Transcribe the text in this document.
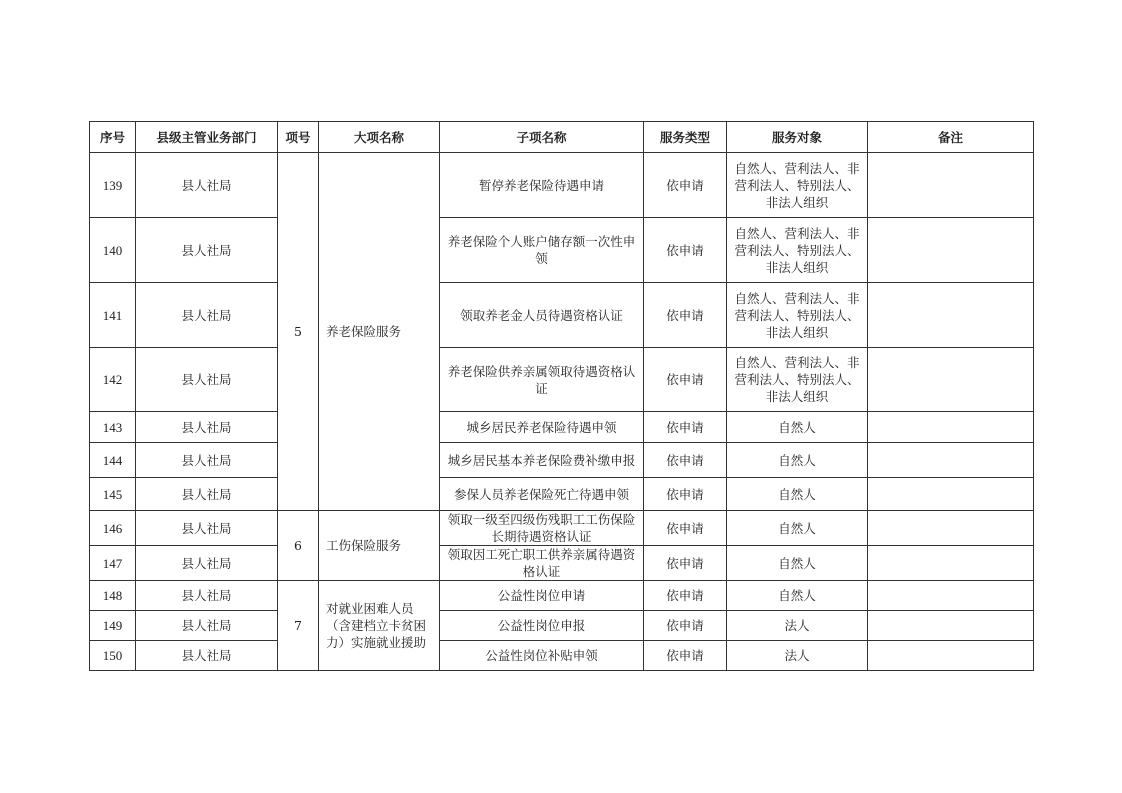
序号	县级主管业务部门	项号	大项名称	子项名称	服务类型	服务对象	备注
139	县人社局	5	养老保险服务	暂停养老保险待遇申请	依申请	自然人、营利法人、非营利法人、特别法人、非法人组织	
140	县人社局			养老保险个人账户储存额一次性申领	依申请	自然人、营利法人、非营利法人、特别法人、非法人组织	
141	县人社局			领取养老金人员待遇资格认证	依申请	自然人、营利法人、非营利法人、特别法人、非法人组织	
142	县人社局			养老保险供养亲属领取待遇资格认证	依申请	自然人、营利法人、非营利法人、特别法人、非法人组织	
143	县人社局			城乡居民养老保险待遇申领	依申请	自然人	
144	县人社局			城乡居民基本养老保险费补缴申报	依申请	自然人	
145	县人社局			参保人员养老保险死亡待遇申领	依申请	自然人	
146	县人社局	6	工伤保险服务	领取一级至四级伤残职工工伤保险长期待遇资格认证	依申请	自然人	
147	县人社局			领取因工死亡职工供养亲属待遇资格认证	依申请	自然人	
148	县人社局	7	对就业困难人员（含建档立卡贫困力）实施就业援助	公益性岗位申请	依申请	自然人	
149	县人社局			公益性岗位申报	依申请	法人	
150	县人社局			公益性岗位补贴申领	依申请	法人	
